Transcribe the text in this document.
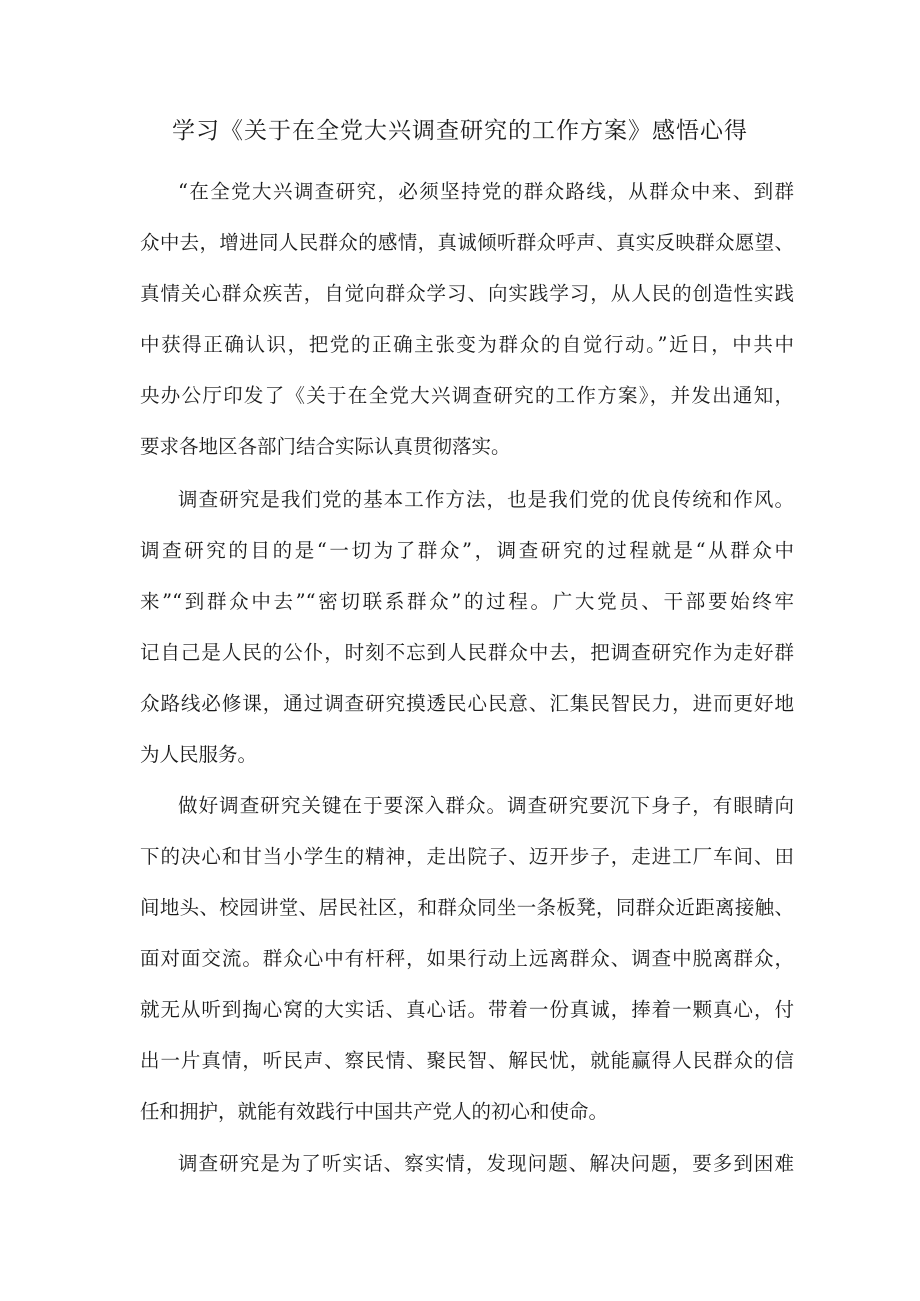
学习《关于在全党大兴调查研究的工作方案》感悟心得

“在全党大兴调查研究，必须坚持党的群众路线，从群众中来、到群
众中去，增进同人民群众的感情，真诚倾听群众呼声、真实反映群众愿望、
真情关心群众疾苦，自觉向群众学习、向实践学习，从人民的创造性实践
中获得正确认识，把党的正确主张变为群众的自觉行动。”近日，中共中
央办公厅印发了《关于在全党大兴调查研究的工作方案》，并发出通知，
要求各地区各部门结合实际认真贯彻落实。

调查研究是我们党的基本工作方法，也是我们党的优良传统和作风。
调查研究的目的是“一切为了群众”，调查研究的过程就是“从群众中
来”“到群众中去”“密切联系群众”的过程。广大党员、干部要始终牢
记自己是人民的公仆，时刻不忘到人民群众中去，把调查研究作为走好群
众路线必修课，通过调查研究摸透民心民意、汇集民智民力，进而更好地
为人民服务。

做好调查研究关键在于要深入群众。调查研究要沉下身子，有眼睛向
下的决心和甘当小学生的精神，走出院子、迈开步子，走进工厂车间、田
间地头、校园讲堂、居民社区，和群众同坐一条板凳，同群众近距离接触、
面对面交流。群众心中有杆秤，如果行动上远离群众、调查中脱离群众，
就无从听到掏心窝的大实话、真心话。带着一份真诚，捧着一颗真心，付
出一片真情，听民声、察民情、聚民智、解民忧，就能赢得人民群众的信
任和拥护，就能有效践行中国共产党人的初心和使命。

调查研究是为了听实话、察实情，发现问题、解决问题，要多到困难
